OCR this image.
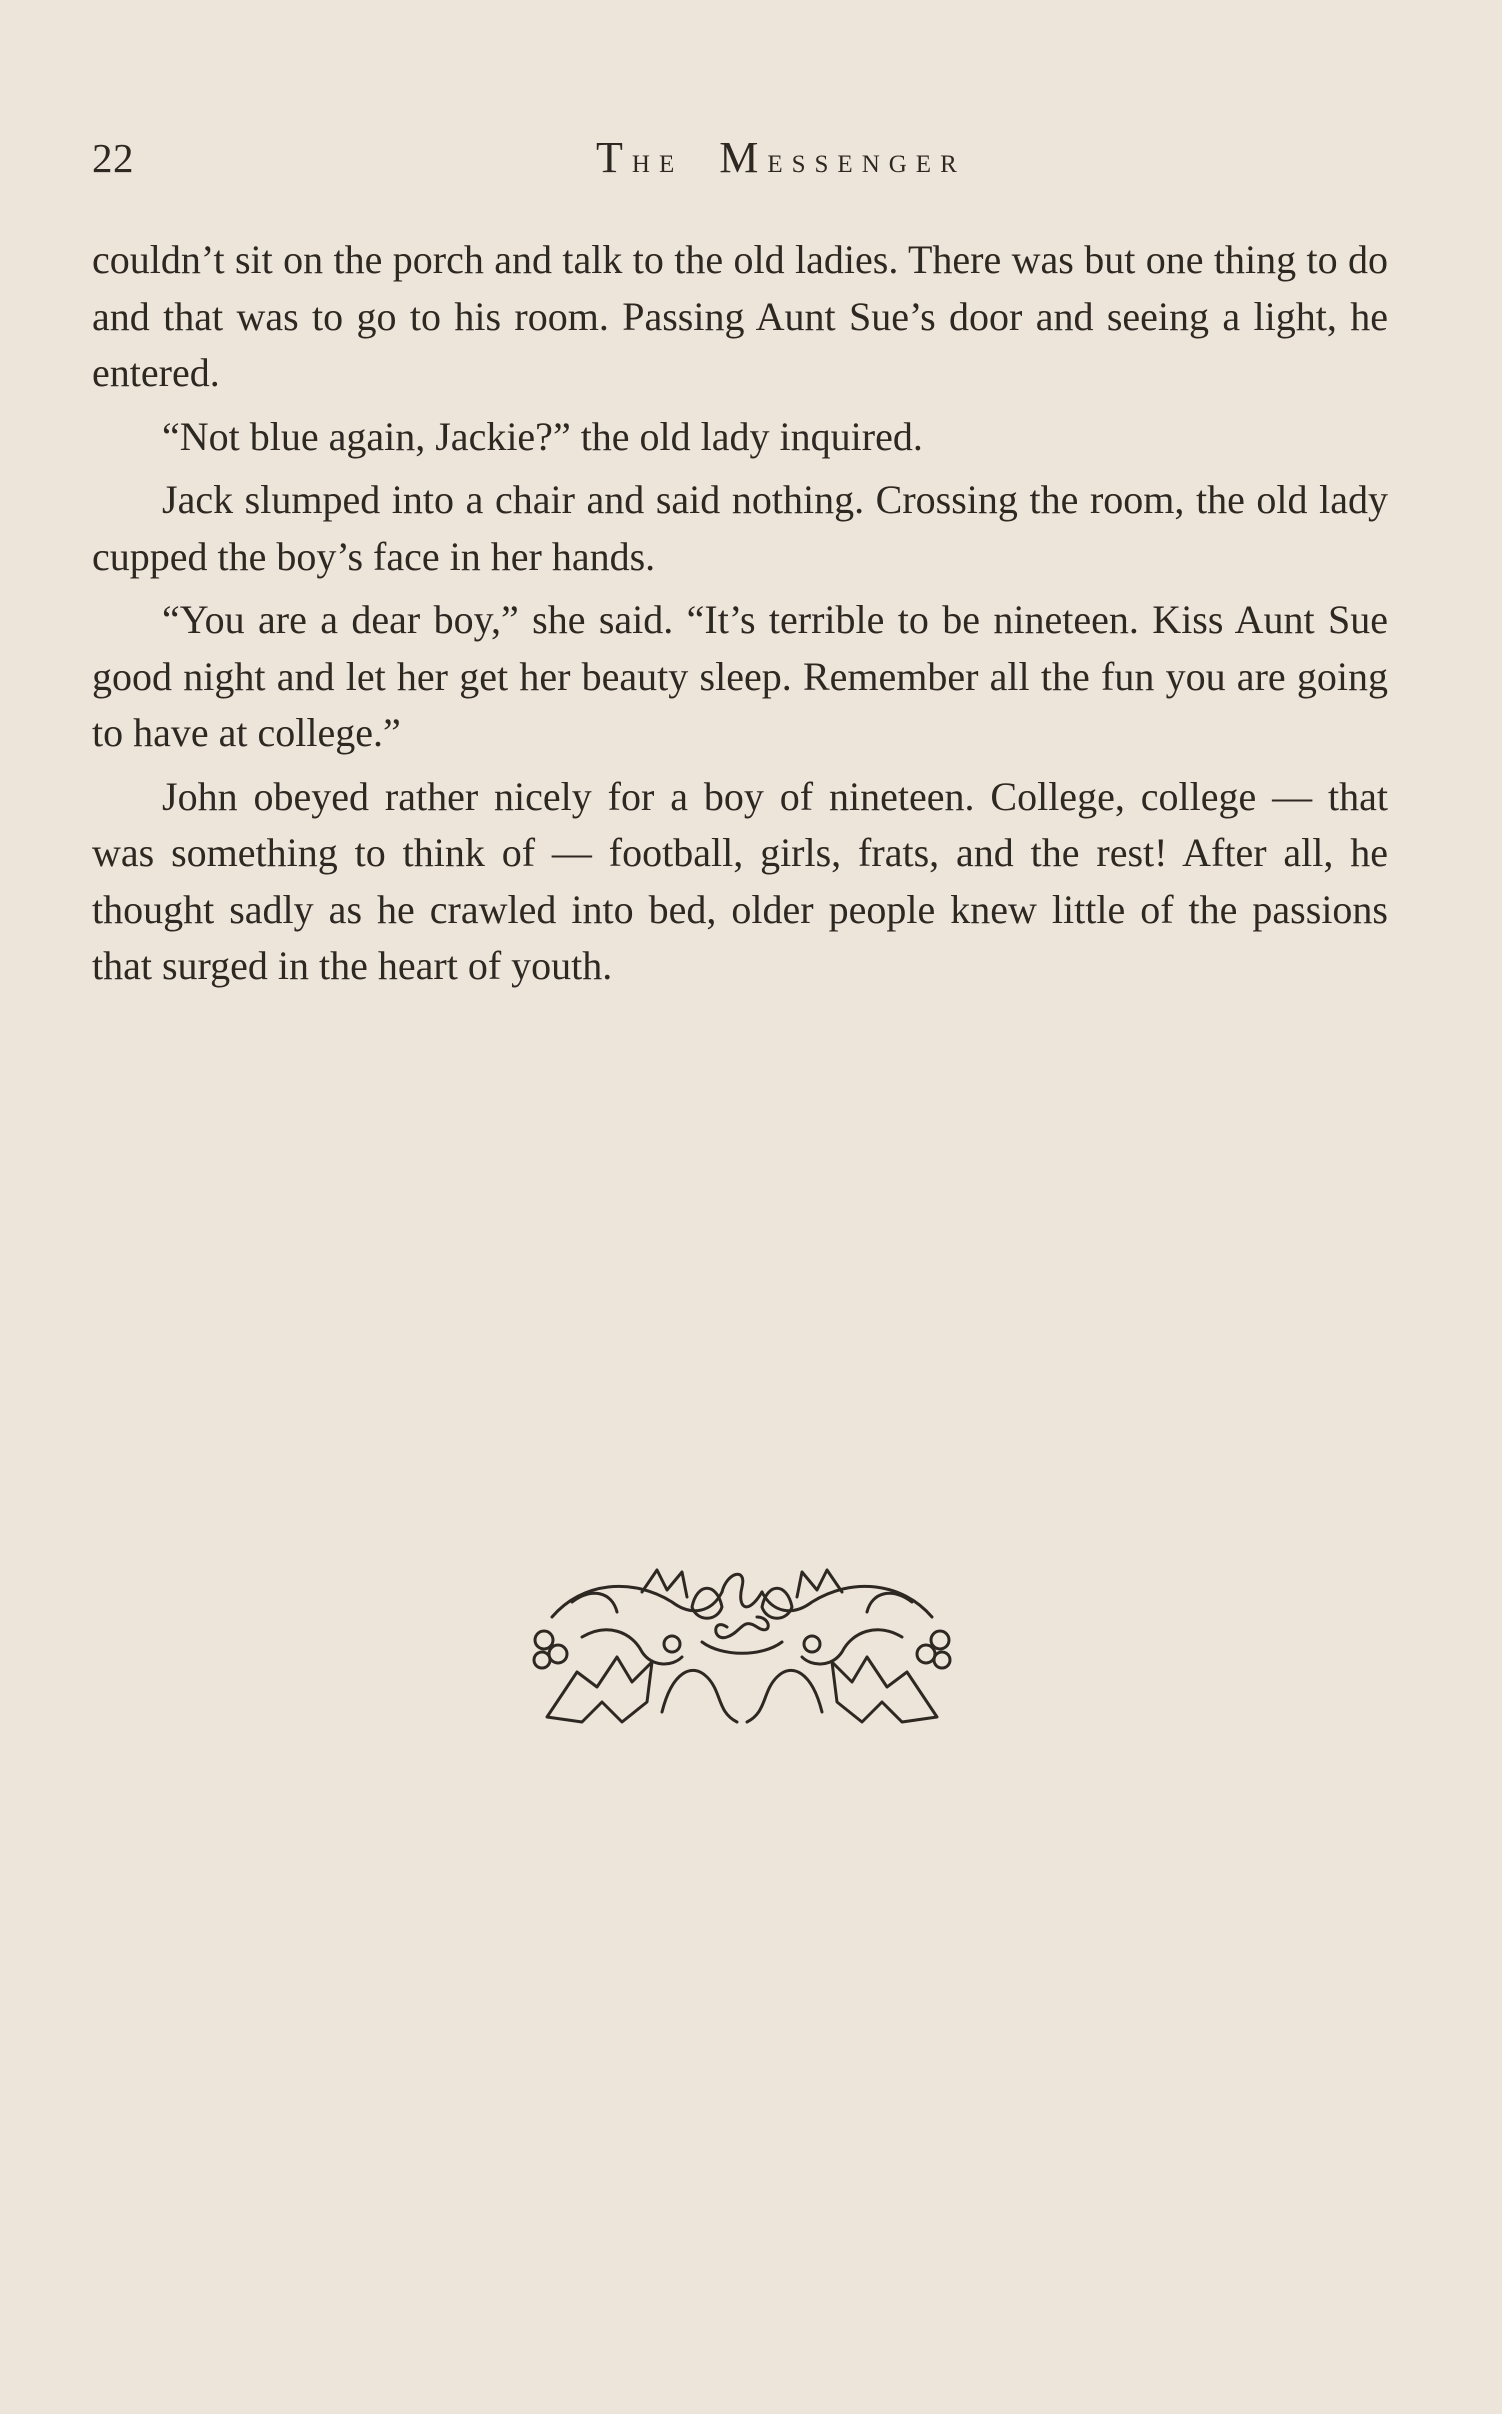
22	The Messenger

couldn’t sit on the porch and talk to the old ladies. There was but one thing to do and that was to go to his room. Passing Aunt Sue’s door and seeing a light, he entered.

“Not blue again, Jackie?” the old lady inquired.

Jack slumped into a chair and said nothing. Crossing the room, the old lady cupped the boy’s face in her hands.

“You are a dear boy,” she said. “It’s terrible to be nineteen. Kiss Aunt Sue good night and let her get her beauty sleep. Remember all the fun you are going to have at college.”

John obeyed rather nicely for a boy of nineteen. College, college — that was something to think of — football, girls, frats, and the rest! After all, he thought sadly as he crawled into bed, older people knew little of the passions that surged in the heart of youth.
